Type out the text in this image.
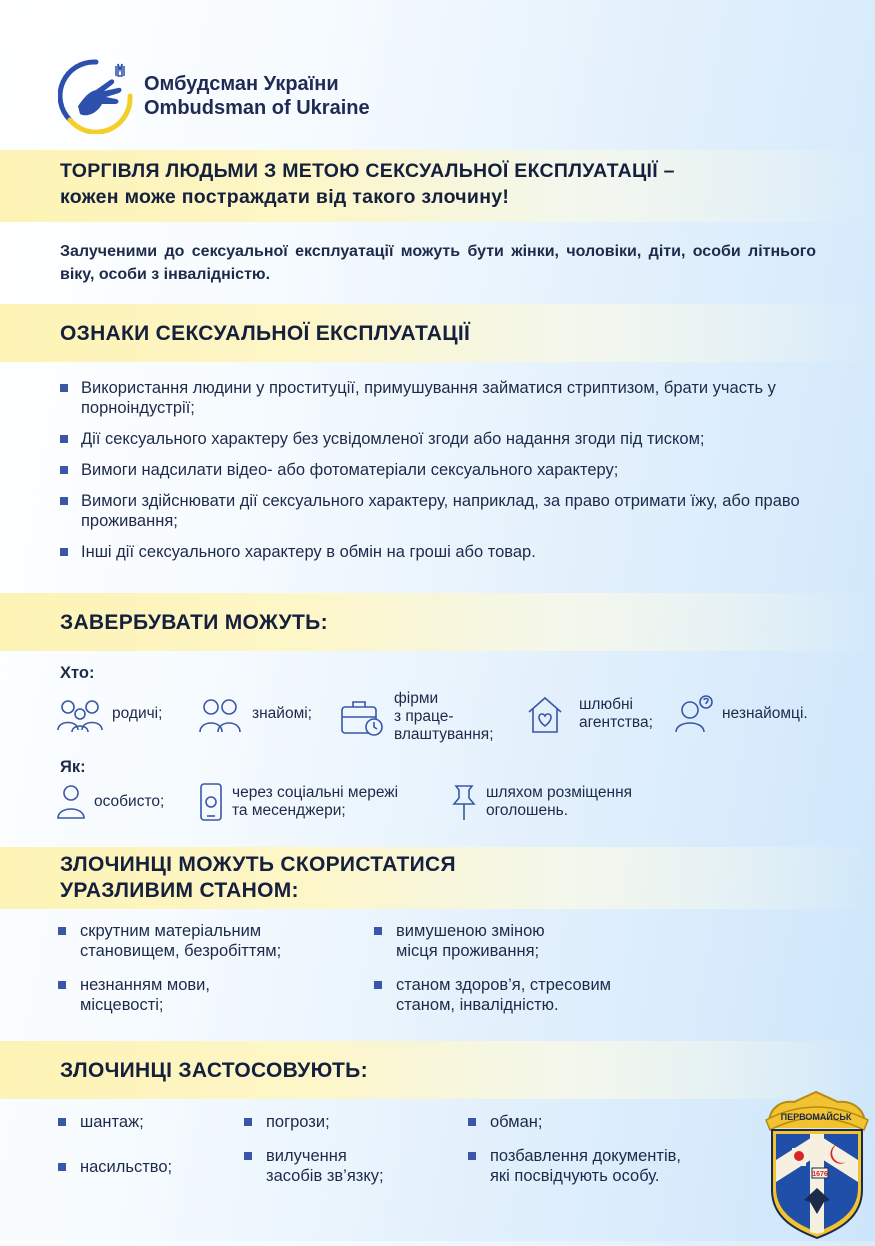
Омбудсман України
Ombudsman of Ukraine
ТОРГІВЛЯ ЛЮДЬМИ З МЕТОЮ СЕКСУАЛЬНОЇ ЕКСПЛУАТАЦІЇ –
кожен може постраждати від такого злочину!
Залученими до сексуальної експлуатації можуть бути жінки, чоловіки, діти, особи літнього віку, особи з інвалідністю.
ОЗНАКИ СЕКСУАЛЬНОЇ ЕКСПЛУАТАЦІЇ
Використання людини у проституції, примушування займатися стриптизом, брати участь у порноіндустрії;
Дії сексуального характеру без усвідомленої згоди або надання згоди під тиском;
Вимоги надсилати відео- або фотоматеріали сексуального характеру;
Вимоги здійснювати дії сексуального характеру, наприклад, за право отримати їжу, або право проживання;
Інші дії сексуального характеру в обмін на гроші або товар.
ЗАВЕРБУВАТИ МОЖУТЬ:
Хто:
родичі;	знайомі;
фірми
з праце-
влаштування;
шлюбні
агентства;
незнайомці.
Як:
особисто;
через соціальні мережі
та месенджери;
шляхом розміщення
оголошень.
ЗЛОЧИНЦІ МОЖУТЬ СКОРИСТАТИСЯ
УРАЗЛИВИМ СТАНОМ:
скрутним матеріальним
становищем, безробіттям;
вимушеною зміною
місця проживання;
незнанням мови,
місцевості;
станом здоров’я, стресовим
станом, інвалідністю.
ЗЛОЧИНЦІ ЗАСТОСОВУЮТЬ:
шантаж;	погрози;	обман;
насильство;
вилучення
засобів зв’язку;
позбавлення документів,
які посвідчують особу.
ПЕРВОМАЙСЬК
1676
